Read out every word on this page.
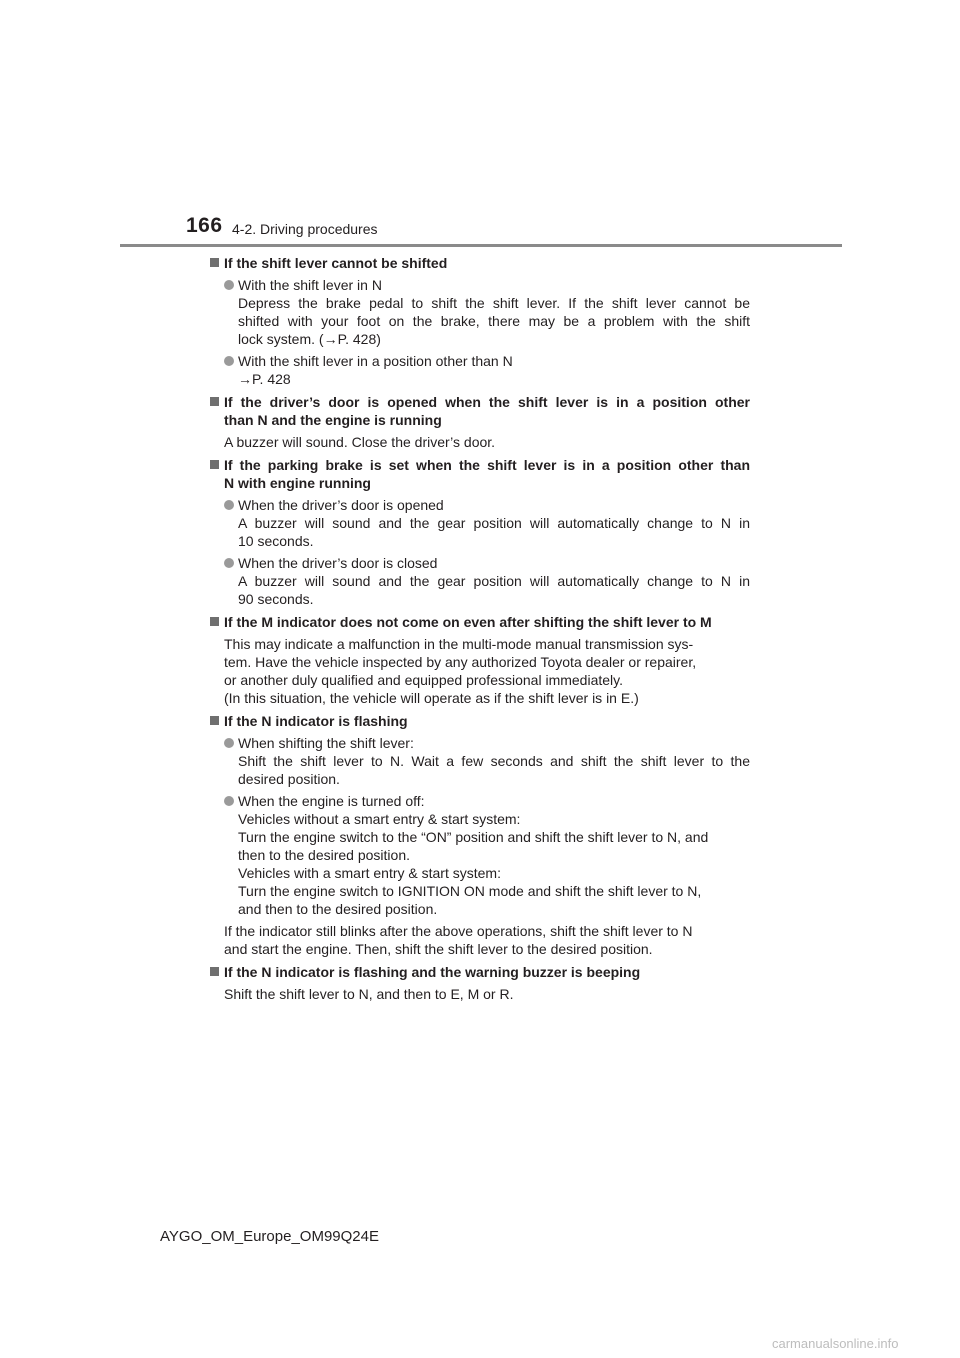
166 4-2. Driving procedures
If the shift lever cannot be shifted
With the shift lever in N
Depress the brake pedal to shift the shift lever. If the shift lever cannot be
shifted with your foot on the brake, there may be a problem with the shift
lock system. (→P. 428)
With the shift lever in a position other than N
→P. 428
If the driver’s door is opened when the shift lever is in a position other
than N and the engine is running
A buzzer will sound. Close the driver’s door.
If the parking brake is set when the shift lever is in a position other than
N with engine running
When the driver’s door is opened
A buzzer will sound and the gear position will automatically change to N in
10 seconds.
When the driver’s door is closed
A buzzer will sound and the gear position will automatically change to N in
90 seconds.
If the M indicator does not come on even after shifting the shift lever to M
This may indicate a malfunction in the multi-mode manual transmission sys-
tem. Have the vehicle inspected by any authorized Toyota dealer or repairer,
or another duly qualified and equipped professional immediately.
(In this situation, the vehicle will operate as if the shift lever is in E.)
If the N indicator is flashing
When shifting the shift lever:
Shift the shift lever to N. Wait a few seconds and shift the shift lever to the
desired position.
When the engine is turned off:
Vehicles without a smart entry & start system:
Turn the engine switch to the “ON” position and shift the shift lever to N, and
then to the desired position.
Vehicles with a smart entry & start system:
Turn the engine switch to IGNITION ON mode and shift the shift lever to N,
and then to the desired position.
If the indicator still blinks after the above operations, shift the shift lever to N
and start the engine. Then, shift the shift lever to the desired position.
If the N indicator is flashing and the warning buzzer is beeping
Shift the shift lever to N, and then to E, M or R.
AYGO_OM_Europe_OM99Q24E
carmanualsonline.info
